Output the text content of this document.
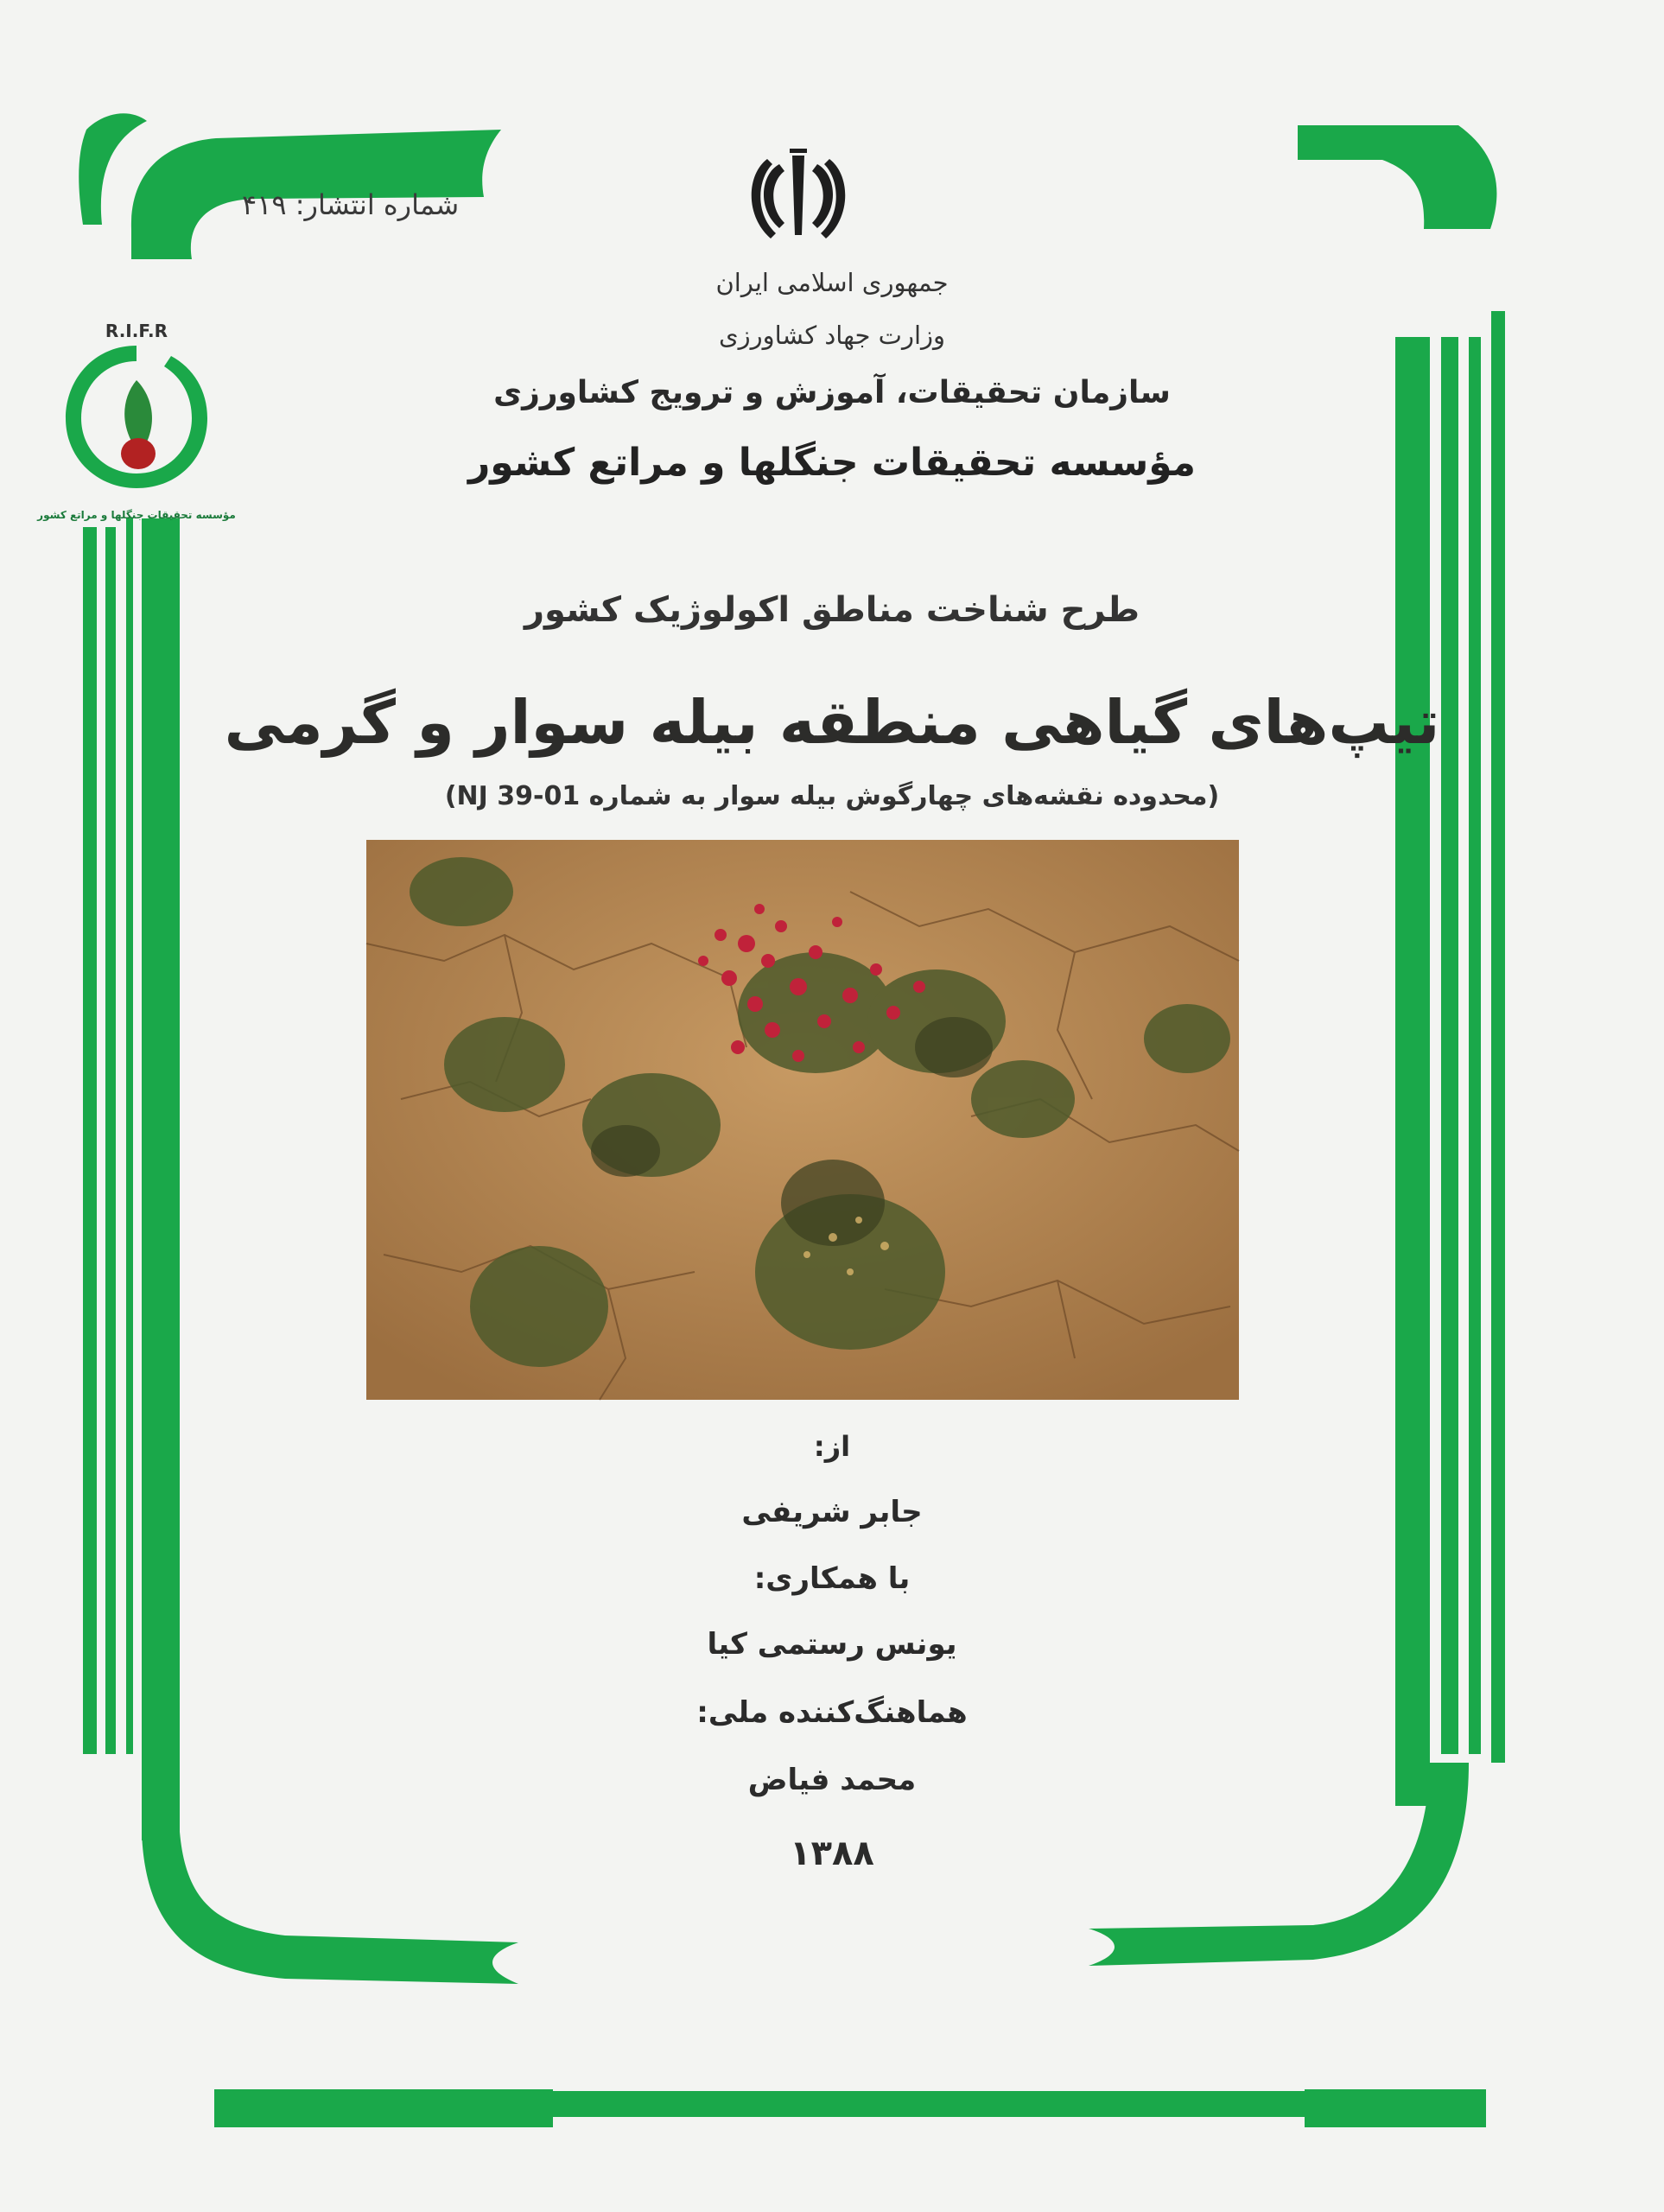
R.I.F.R
مؤسسه تحقیقات جنگلها و مراتع کشور
شماره انتشار: ۴۱۹
جمهوری اسلامی ایران
وزارت جهاد کشاورزی
سازمان تحقیقات، آموزش و ترویج کشاورزی
مؤسسه تحقیقات جنگلها و مراتع کشور
طرح شناخت مناطق اکولوژیک کشور
تیپ‌های گیاهی منطقه بیله سوار و گرمی
(محدوده نقشه‌های چهارگوش بیله سوار به شماره NJ 39-01)
از:
جابر شریفی
با همکاری:
یونس رستمی کیا
هماهنگ‌کننده ملی:
محمد فیاض
۱۳۸۸
